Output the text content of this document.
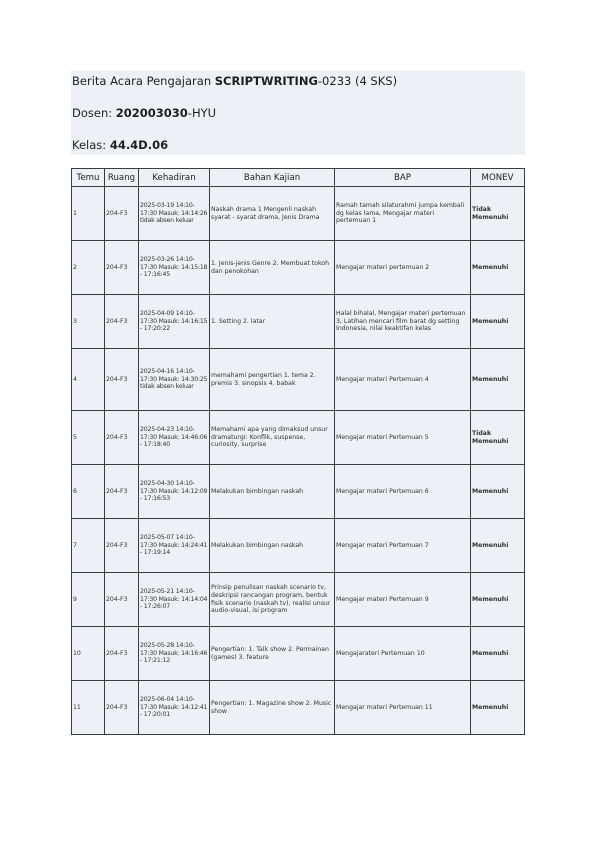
Berita Acara Pengajaran SCRIPTWRITING-0233 (4 SKS)
Dosen: 202003030-HYU
Kelas: 44.4D.06
Temu	Ruang	Kehadiran	Bahan Kajian	BAP	MONEV
1	204-F3	2025-03-19 14:10-17:30 Masuk: 14:14:26 tidak absen keluar	Naskah drama 1 Mengenli naskah syarat - syarat drama, Jenis Drama	Ramah tamah silaturahmi jumpa kembali dg kelas lama, Mengajar materi pertemuan 1	Tidak Memenuhi
2	204-F3	2025-03-26 14:10-17:30 Masuk: 14:15:18 - 17:16:45	1. Jenis-jenis Genre 2. Membuat tokoh dan penokohan	Mengajar materi pertemuan 2	Memenuhi
3	204-F3	2025-04-09 14:10-17:30 Masuk: 14:16:15 - 17:20:22	1. Setting 2. latar	Halal bihalal, Mengajar materi pertemuan 3, Latihan mencari film barat dg setting Indonesia, nilai keaktifan kelas	Memenuhi
4	204-F3	2025-04-16 14:10-17:30 Masuk: 14:30:25 tidak absen keluar	memahami pengertian 1. tema 2. premis 3. sinopsis 4. babak	Mengajar materi Pertemuan 4	Memenuhi
5	204-F3	2025-04-23 14:10-17:30 Masuk: 14:46:06 - 17:18:40	Memahami apa yang dimaksud unsur dramaturgi: Konflik, suspense, curiosity, surprise	Mengajar materi Pertemuan 5	Tidak Memenuhi
6	204-F3	2025-04-30 14:10-17:30 Masuk: 14:12:09 - 17:16:53	Melakukan bimbingan naskah	Mengajar materi Pertemuan 6	Memenuhi
7	204-F3	2025-05-07 14:10-17:30 Masuk: 14:24:41 - 17:19:14	Melakukan bimbingan naskah	Mengajar materi Pertemuan 7	Memenuhi
9	204-F3	2025-05-21 14:10-17:30 Masuk: 14:14:04 - 17:26:07	Prinsip penulisan naskah scenario tv, deskripsi rancangan program, bentuk fisik scenario (naskah tv), realisi unsur audio-visual, isi program	Mengajar materi Pertemuan 9	Memenuhi
10	204-F3	2025-05-28 14:10-17:30 Masuk: 14:16:46 - 17:21:12	Pengertian: 1. Talk show 2. Permainan (games) 3. feature	Mengajarateri Pertemuan 10	Memenuhi
11	204-F3	2025-06-04 14:10-17:30 Masuk: 14:12:41 - 17:20:01	Pengertian: 1. Magazine show 2. Music show	Mengajar materi Pertemuan 11	Memenuhi
